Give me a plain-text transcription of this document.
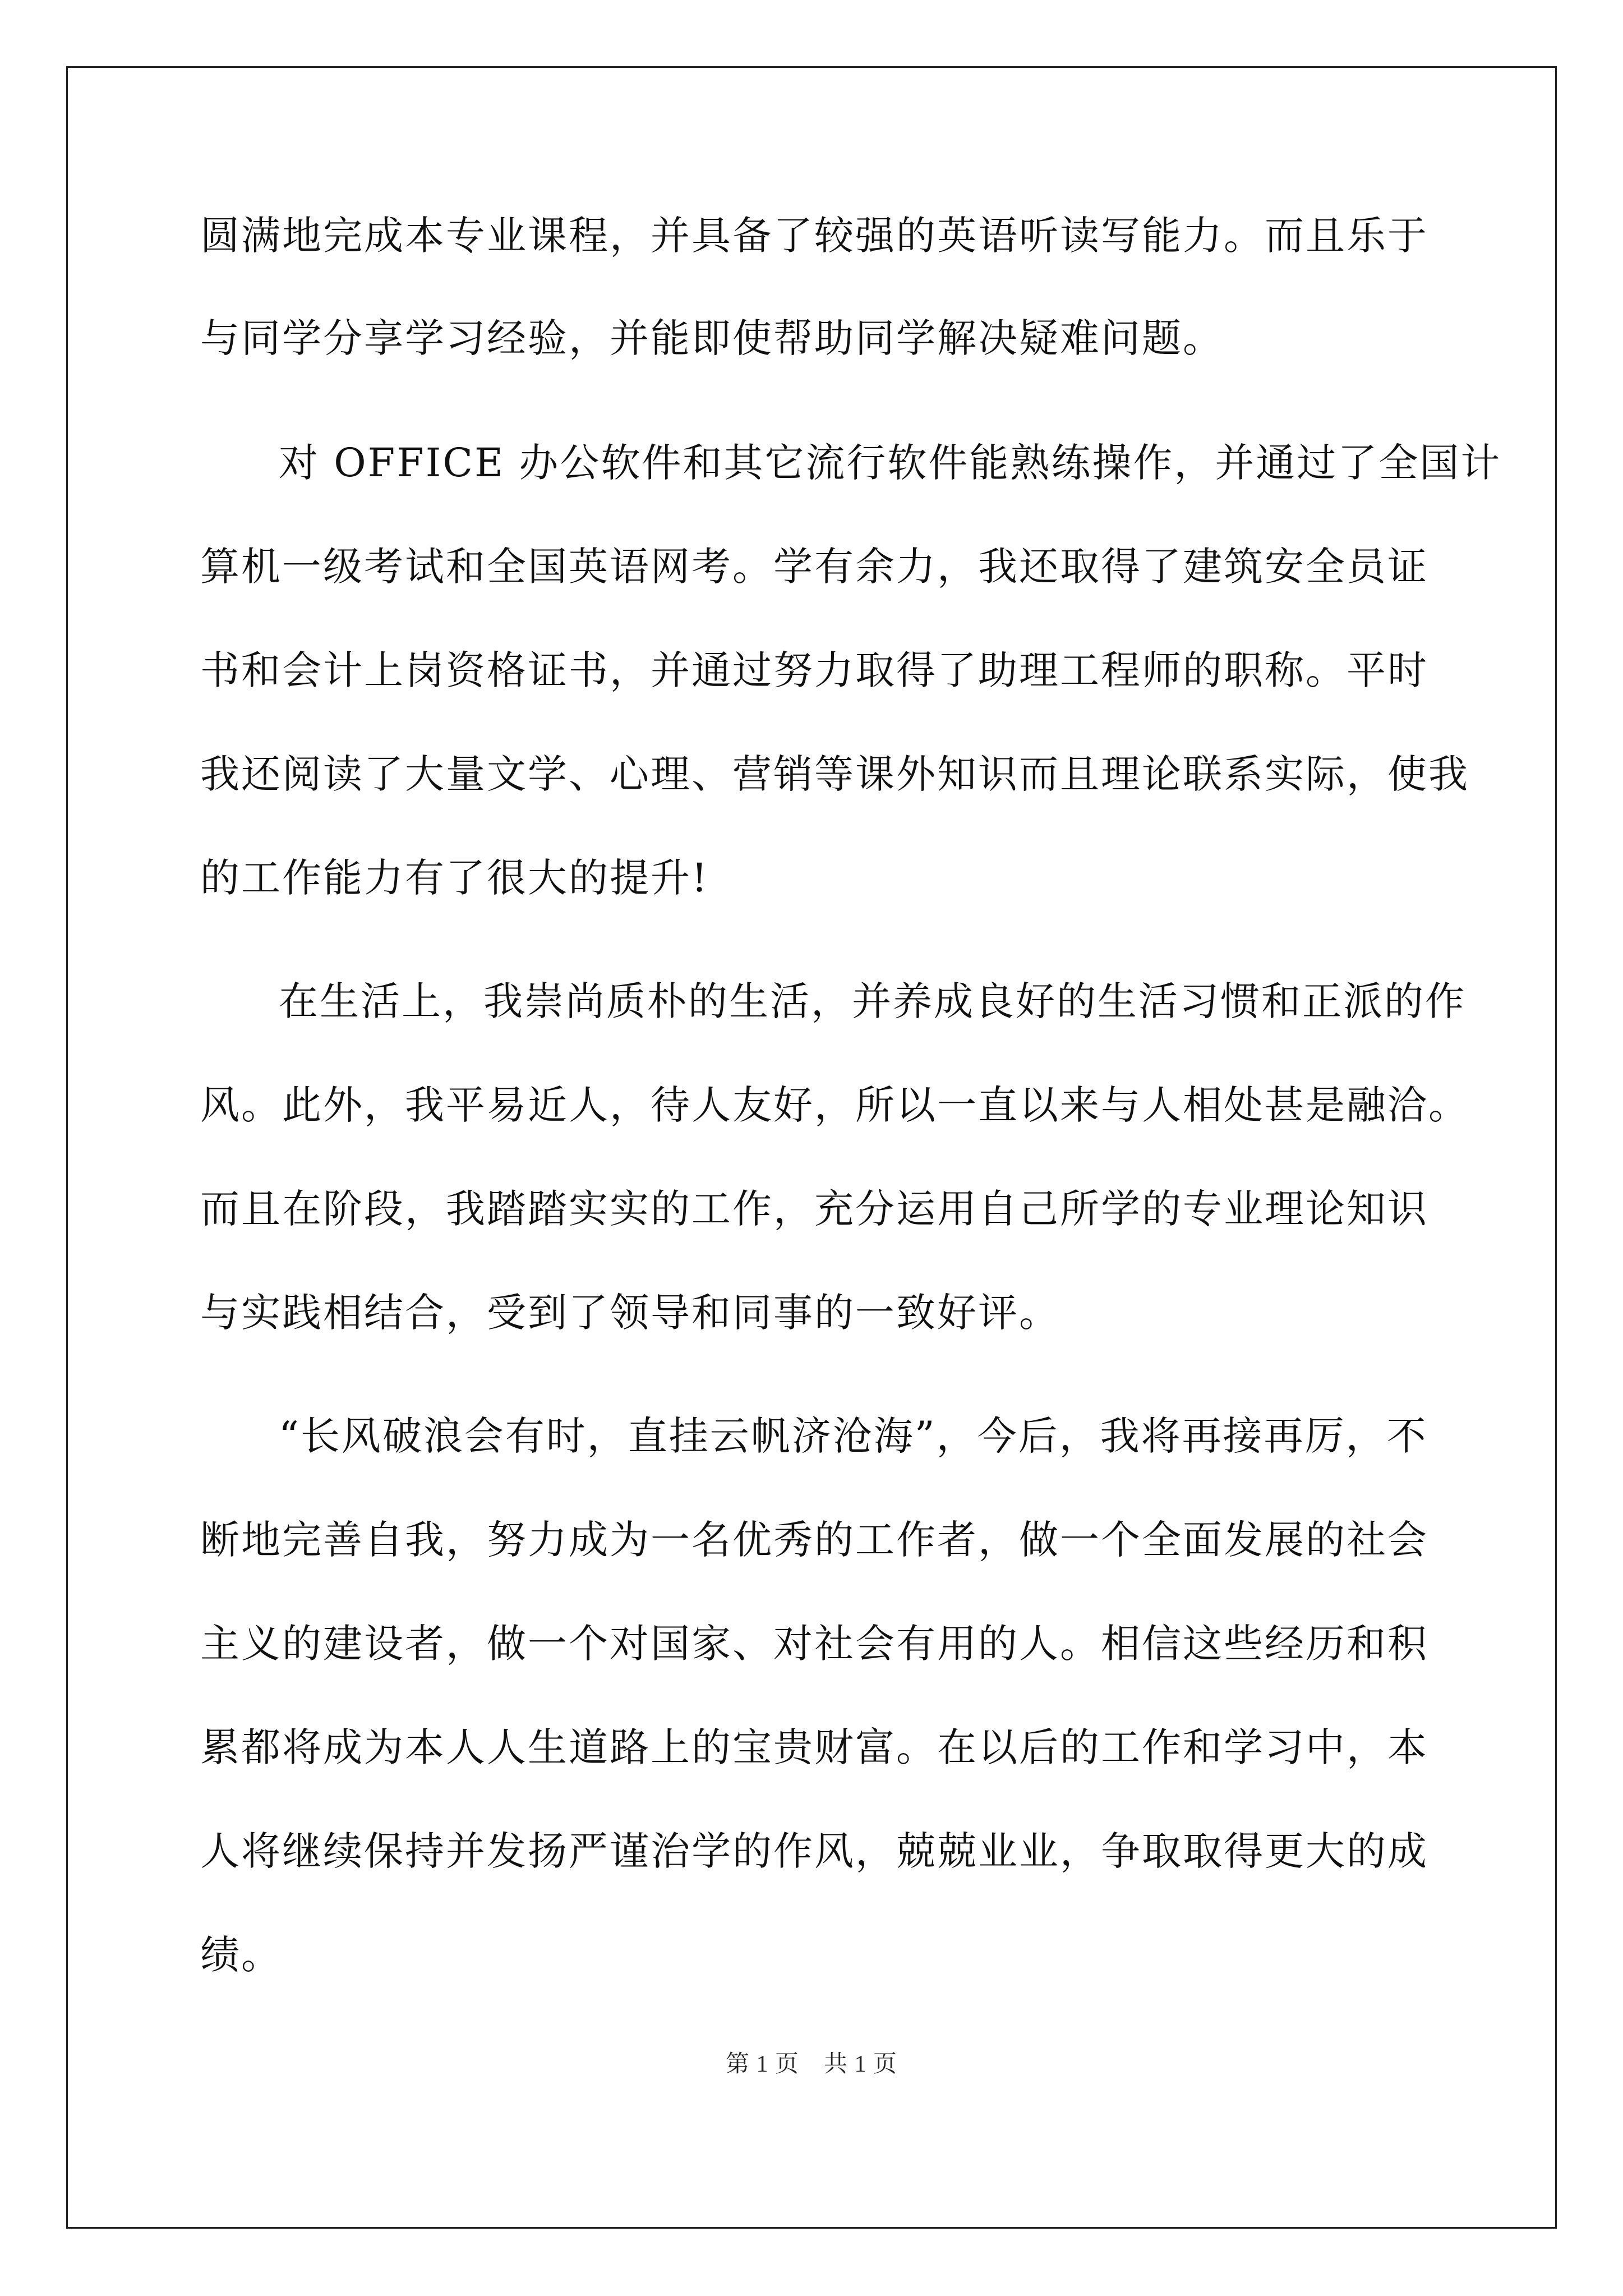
圆满地完成本专业课程，并具备了较强的英语听读写能力。而且乐于
与同学分享学习经验，并能即使帮助同学解决疑难问题。
对 OFFICE 办公软件和其它流行软件能熟练操作，并通过了全国计
算机一级考试和全国英语网考。学有余力，我还取得了建筑安全员证
书和会计上岗资格证书，并通过努力取得了助理工程师的职称。平时
我还阅读了大量文学、心理、营销等课外知识而且理论联系实际，使我
的工作能力有了很大的提升!
在生活上，我崇尚质朴的生活，并养成良好的生活习惯和正派的作
风。此外，我平易近人，待人友好，所以一直以来与人相处甚是融洽。
而且在阶段，我踏踏实实的工作，充分运用自己所学的专业理论知识
与实践相结合，受到了领导和同事的一致好评。
“长风破浪会有时，直挂云帆济沧海”，今后，我将再接再厉，不
断地完善自我，努力成为一名优秀的工作者，做一个全面发展的社会
主义的建设者，做一个对国家、对社会有用的人。相信这些经历和积
累都将成为本人人生道路上的宝贵财富。在以后的工作和学习中，本
人将继续保持并发扬严谨治学的作风，兢兢业业，争取取得更大的成
绩。
第 1 页 共 1 页
